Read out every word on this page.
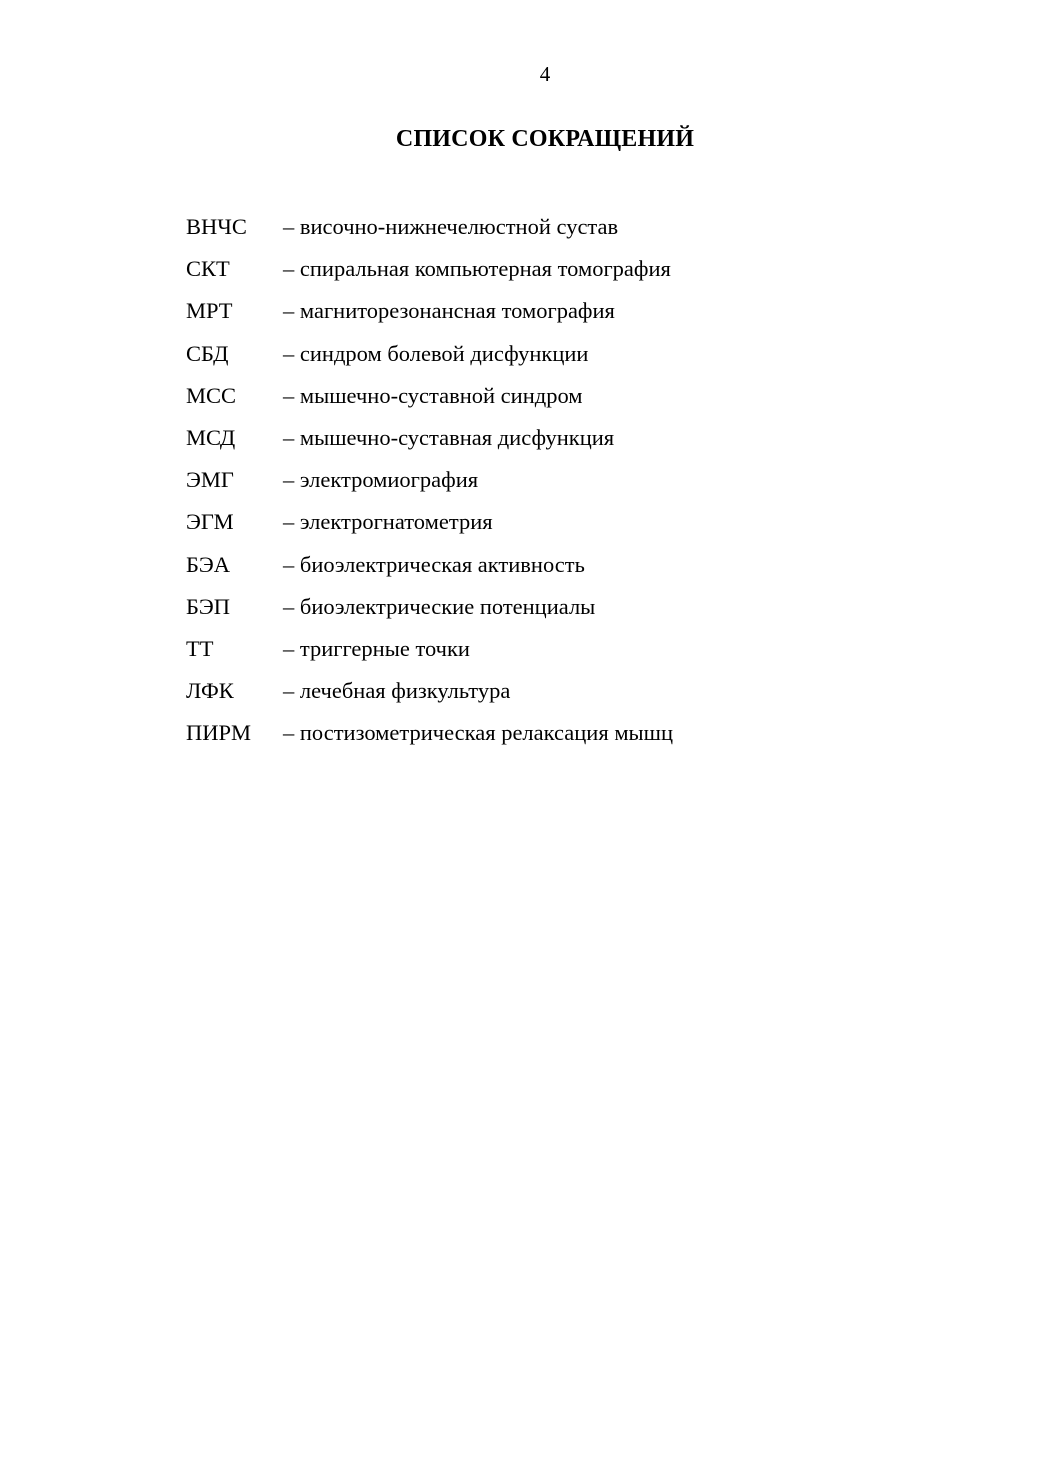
4
СПИСОК СОКРАЩЕНИЙ
ВНЧС	– височно-нижнечелюстной сустав
СКТ	– спиральная компьютерная томография
МРТ	– магниторезонансная томография
СБД	– синдром болевой дисфункции
МСС	– мышечно-суставной синдром
МСД	– мышечно-суставная дисфункция
ЭМГ	– электромиография
ЭГМ	– электрогнатометрия
БЭА	– биоэлектрическая активность
БЭП	– биоэлектрические потенциалы
ТТ	– триггерные точки
ЛФК	– лечебная физкультура
ПИРМ	– постизометрическая релаксация мышц
